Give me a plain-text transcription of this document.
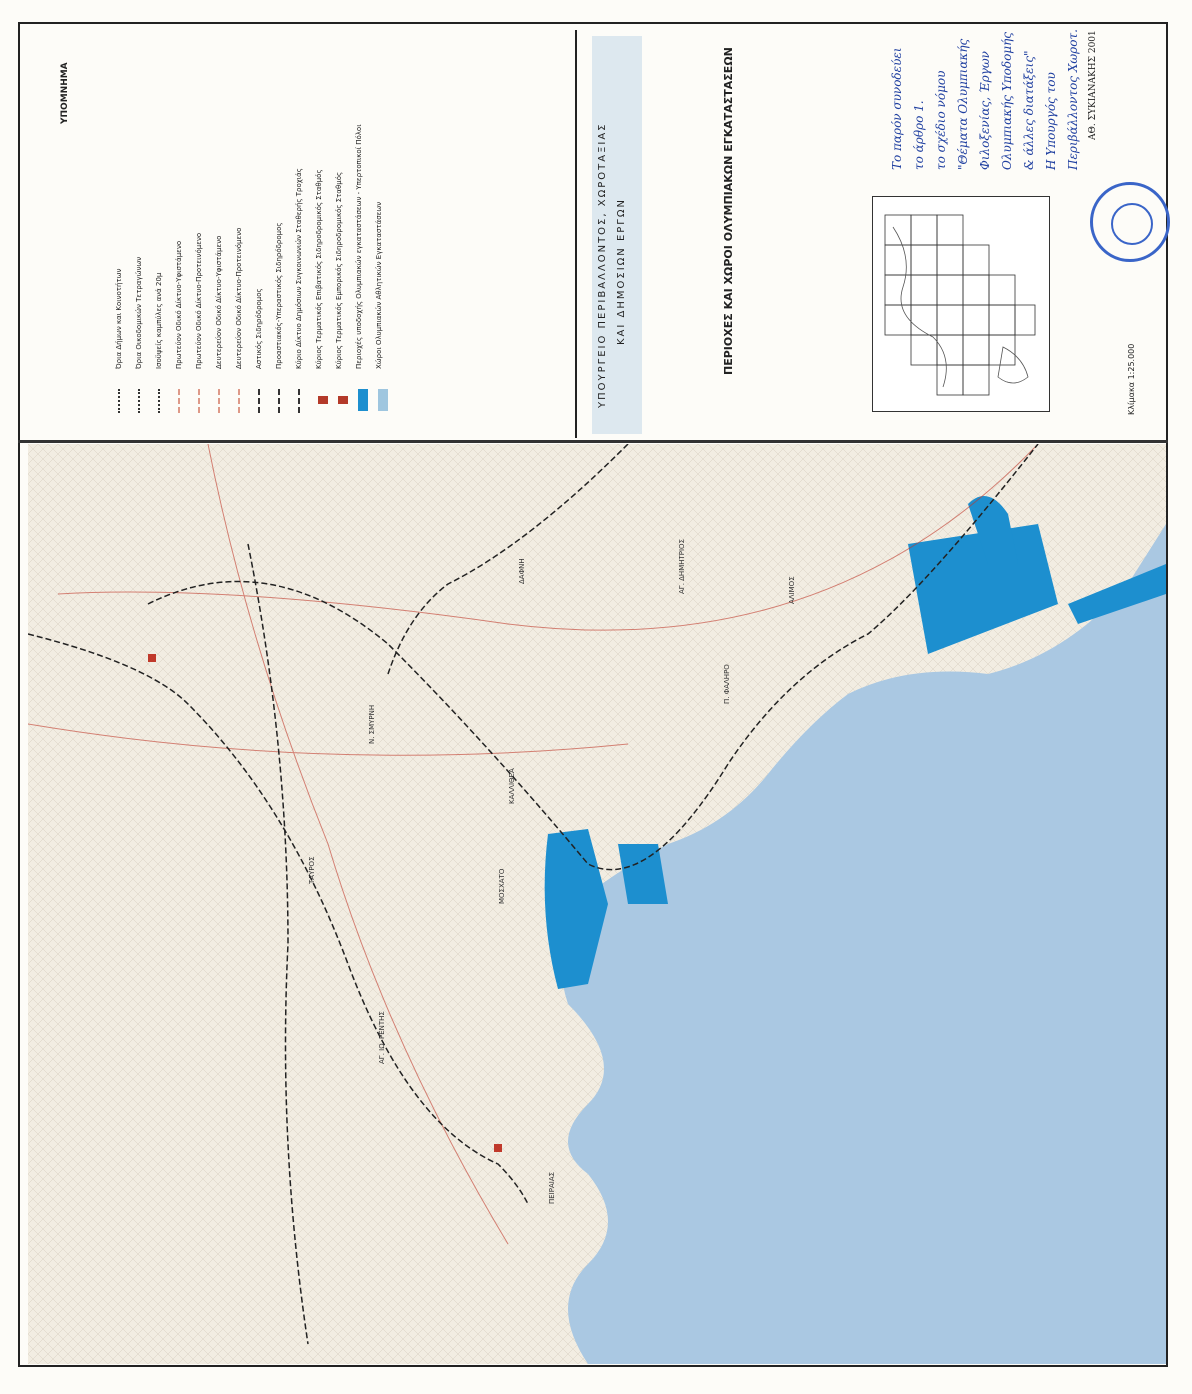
ΥΠΟΜΝΗΜΑ
Όρια Δήμων και Κοινοτήτων Όρια Οικοδομικών Τετραγώνων Ισοϋψείς καμπύλες ανά 20μ Πρωτεύον Οδικό Δίκτυο-Υφιστάμενο Πρωτεύον Οδικό Δίκτυο-Προτεινόμενο Δευτερεύον Οδικό Δίκτυο-Υφιστάμενο Δευτερεύον Οδικό Δίκτυο-Προτεινόμενο Αστικός Σιδηρόδρομος Προαστιακός-Υπεραστικός Σιδηρόδρομος Κύριο Δίκτυο Δημόσιων Συγκοινωνιών Σταθερής Τροχιάς Κύριος Τερματικός Επιβατικός Σιδηροδρομικός Σταθμός Κύριος Τερματικός Εμπορικός Σιδηροδρομικός Σταθμός Περιοχές υποδοχής Ολυμπιακών εγκαταστάσεων - Υπερτοπικοί Πόλοι Χώροι Ολυμπιακών Αθλητικών Εγκαταστάσεων	ΥΠΟΥΡΓΕΙΟ ΠΕΡΙΒΑΛΛΟΝΤΟΣ, ΧΩΡΟΤΑΞΙΑΣ ΚΑΙ ΔΗΜΟΣΙΩΝ ΕΡΓΩΝ	ΠΕΡΙΟΧΕΣ ΚΑΙ ΧΩΡΟΙ ΟΛΥΜΠΙΑΚΩΝ ΕΓΚΑΤΑΣΤΑΣΕΩΝ
Κλίμακα 1:25.000
Το παρόν συνοδεύει το άρθρο 1. το σχέδιο νόμου "Θέματα Ολυμπιακής Φιλοξενίας, Έργων Ολυμπιακής Υποδομής & άλλες διατάξεις" Η Υπουργός του Περιβάλλοντος Χωροτ. ΑΘ. ΣΥΚΙΑΝΑΚΗΣ 2001
Π. ΦΑΛΗΡΟ
ΑΓ. ΔΗΜΗΤΡΙΟΣ	ΑΛΙΜΟΣ
ΚΑΛΛΙΘΕΑ
ΜΟΣΧΑΤΟ
ΤΑΥΡΟΣ
Ν. ΣΜΥΡΝΗ
ΠΕΙΡΑΙΑΣ
ΔΑΦΝΗ
ΑΓ. ΙΩ. ΡΕΝΤΗΣ
